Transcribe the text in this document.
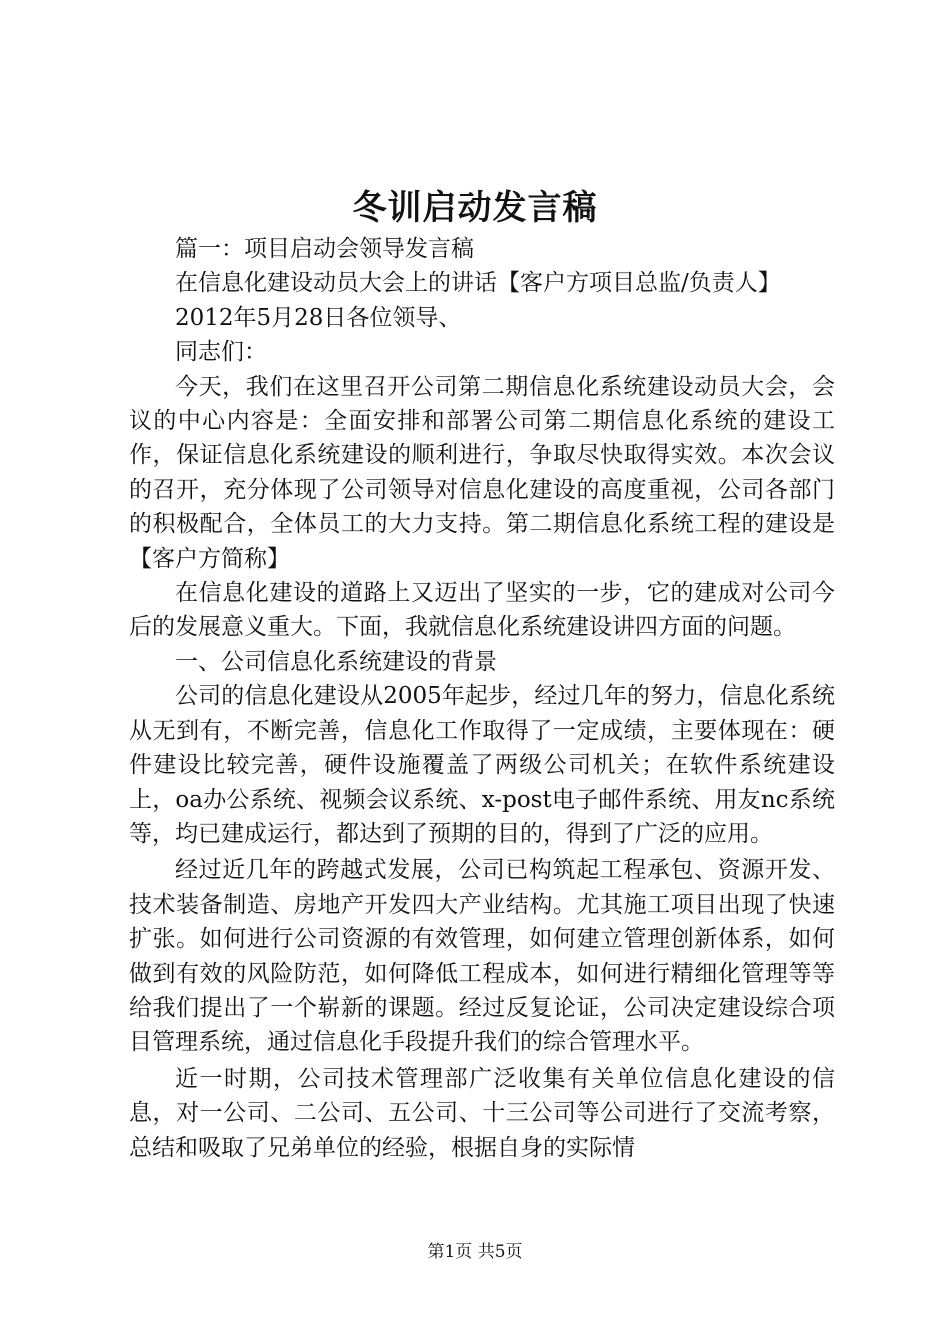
冬训启动发言稿

篇一：项目启动会领导发言稿

在信息化建设动员大会上的讲话【客户方项目总监/负责人】

2012年5月28日各位领导、

同志们：

今天，我们在这里召开公司第二期信息化系统建设动员大会，会议的中心内容是：全面安排和部署公司第二期信息化系统的建设工作，保证信息化系统建设的顺利进行，争取尽快取得实效。本次会议的召开，充分体现了公司领导对信息化建设的高度重视，公司各部门的积极配合，全体员工的大力支持。第二期信息化系统工程的建设是【客户方简称】

在信息化建设的道路上又迈出了坚实的一步，它的建成对公司今后的发展意义重大。下面，我就信息化系统建设讲四方面的问题。

一、公司信息化系统建设的背景

公司的信息化建设从2005年起步，经过几年的努力，信息化系统从无到有，不断完善，信息化工作取得了一定成绩，主要体现在：硬件建设比较完善，硬件设施覆盖了两级公司机关；在软件系统建设上，oa办公系统、视频会议系统、x-post电子邮件系统、用友nc系统等，均已建成运行，都达到了预期的目的，得到了广泛的应用。

经过近几年的跨越式发展，公司已构筑起工程承包、资源开发、技术装备制造、房地产开发四大产业结构。尤其施工项目出现了快速扩张。如何进行公司资源的有效管理，如何建立管理创新体系，如何做到有效的风险防范，如何降低工程成本，如何进行精细化管理等等给我们提出了一个崭新的课题。经过反复论证，公司决定建设综合项目管理系统，通过信息化手段提升我们的综合管理水平。

近一时期，公司技术管理部广泛收集有关单位信息化建设的信息，对一公司、二公司、五公司、十三公司等公司进行了交流考察，总结和吸取了兄弟单位的经验，根据自身的实际情

第1页 共5页
